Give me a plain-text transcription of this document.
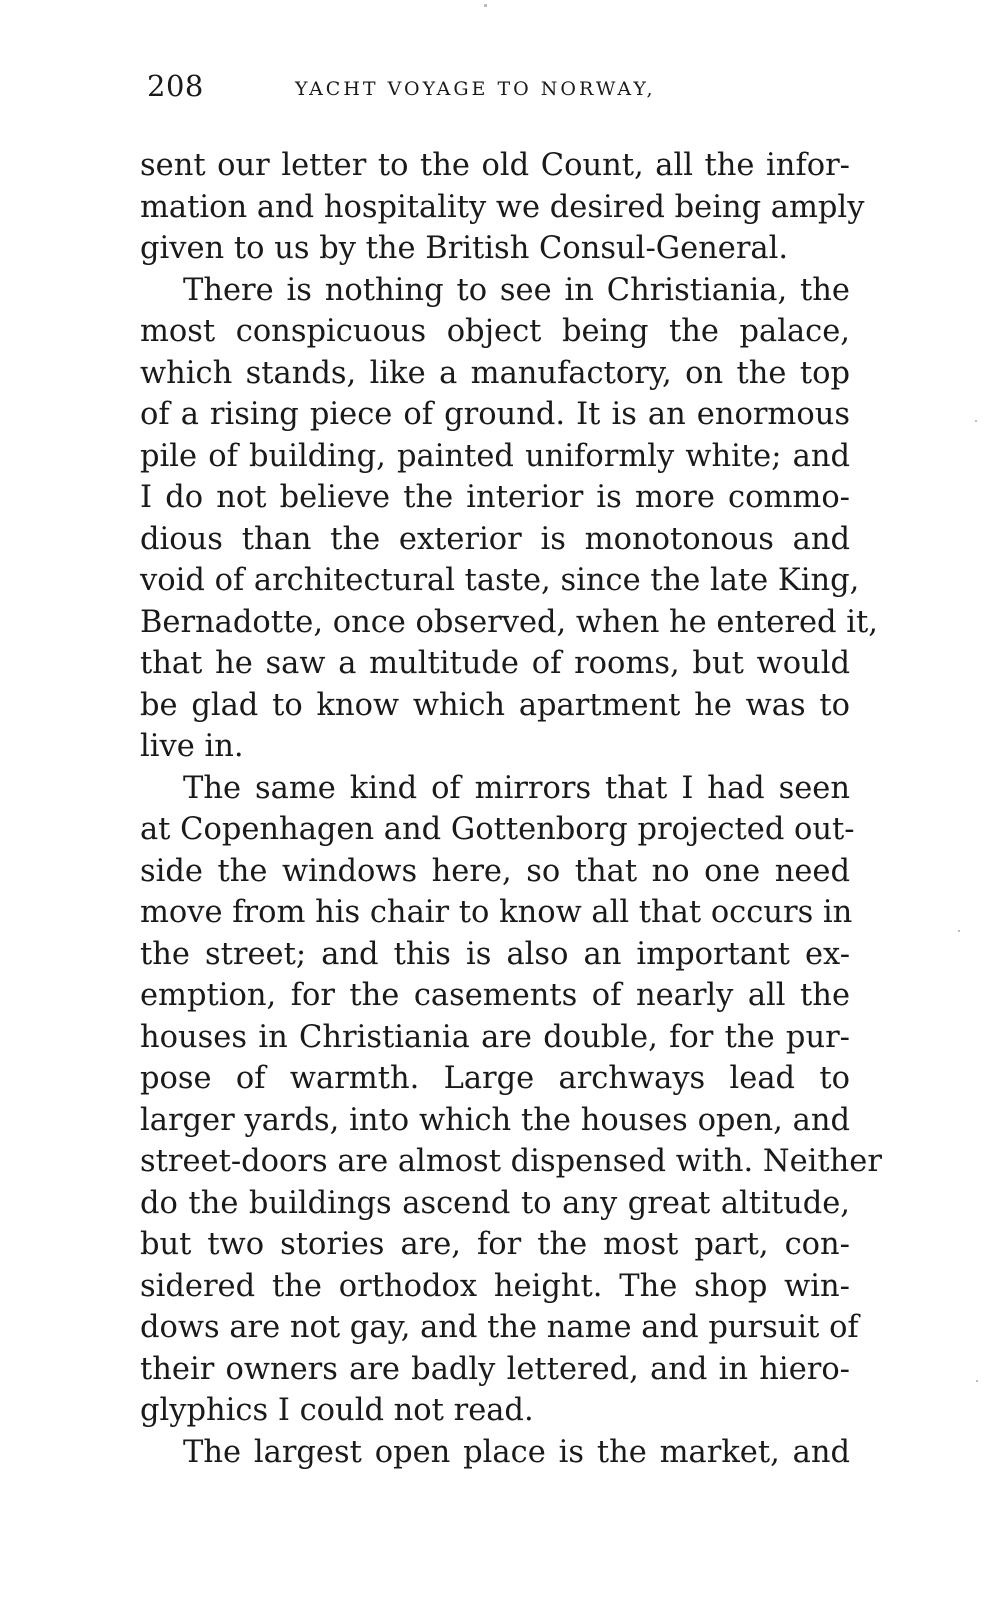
208	YACHT VOYAGE TO NORWAY,
sent our letter to the old Count, all the infor-
mation and hospitality we desired being amply
given to us by the British Consul-General.
There is nothing to see in Christiania, the
most conspicuous object being the palace,
which stands, like a manufactory, on the top
of a rising piece of ground. It is an enormous
pile of building, painted uniformly white; and
I do not believe the interior is more commo-
dious than the exterior is monotonous and
void of architectural taste, since the late King,
Bernadotte, once observed, when he entered it,
that he saw a multitude of rooms, but would
be glad to know which apartment he was to
live in.
The same kind of mirrors that I had seen
at Copenhagen and Gottenborg projected out-
side the windows here, so that no one need
move from his chair to know all that occurs in
the street; and this is also an important ex-
emption, for the casements of nearly all the
houses in Christiania are double, for the pur-
pose of warmth. Large archways lead to
larger yards, into which the houses open, and
street-doors are almost dispensed with. Neither
do the buildings ascend to any great altitude,
but two stories are, for the most part, con-
sidered the orthodox height. The shop win-
dows are not gay, and the name and pursuit of
their owners are badly lettered, and in hiero-
glyphics I could not read.
The largest open place is the market, and
